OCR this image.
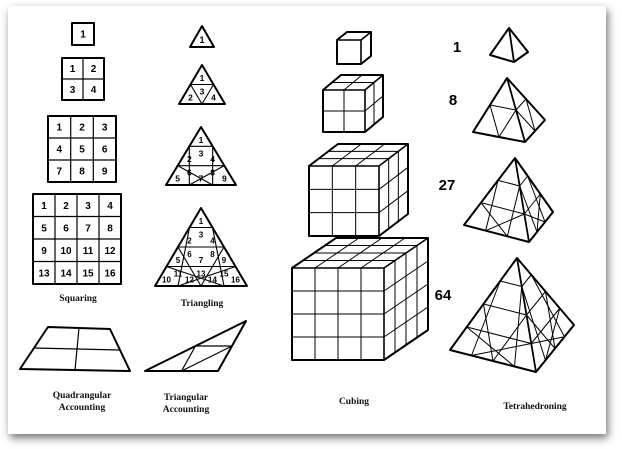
1
1 2
3 4
1 2 3
4 5 6
7 8 9
1 2 3 4
5 6 7 8
9 10 11 12
13 14 15 16
Squaring
1
1
2
3
4
1
2
3
4
5
6
7
8
9
1
2
3
4
5
6
7
8
9
10
11
12
13
14
15
16
Triangling
Quadrangular
Accounting
Triangular
Accounting
Cubing
1
8
27
64
Tetrahedroning
